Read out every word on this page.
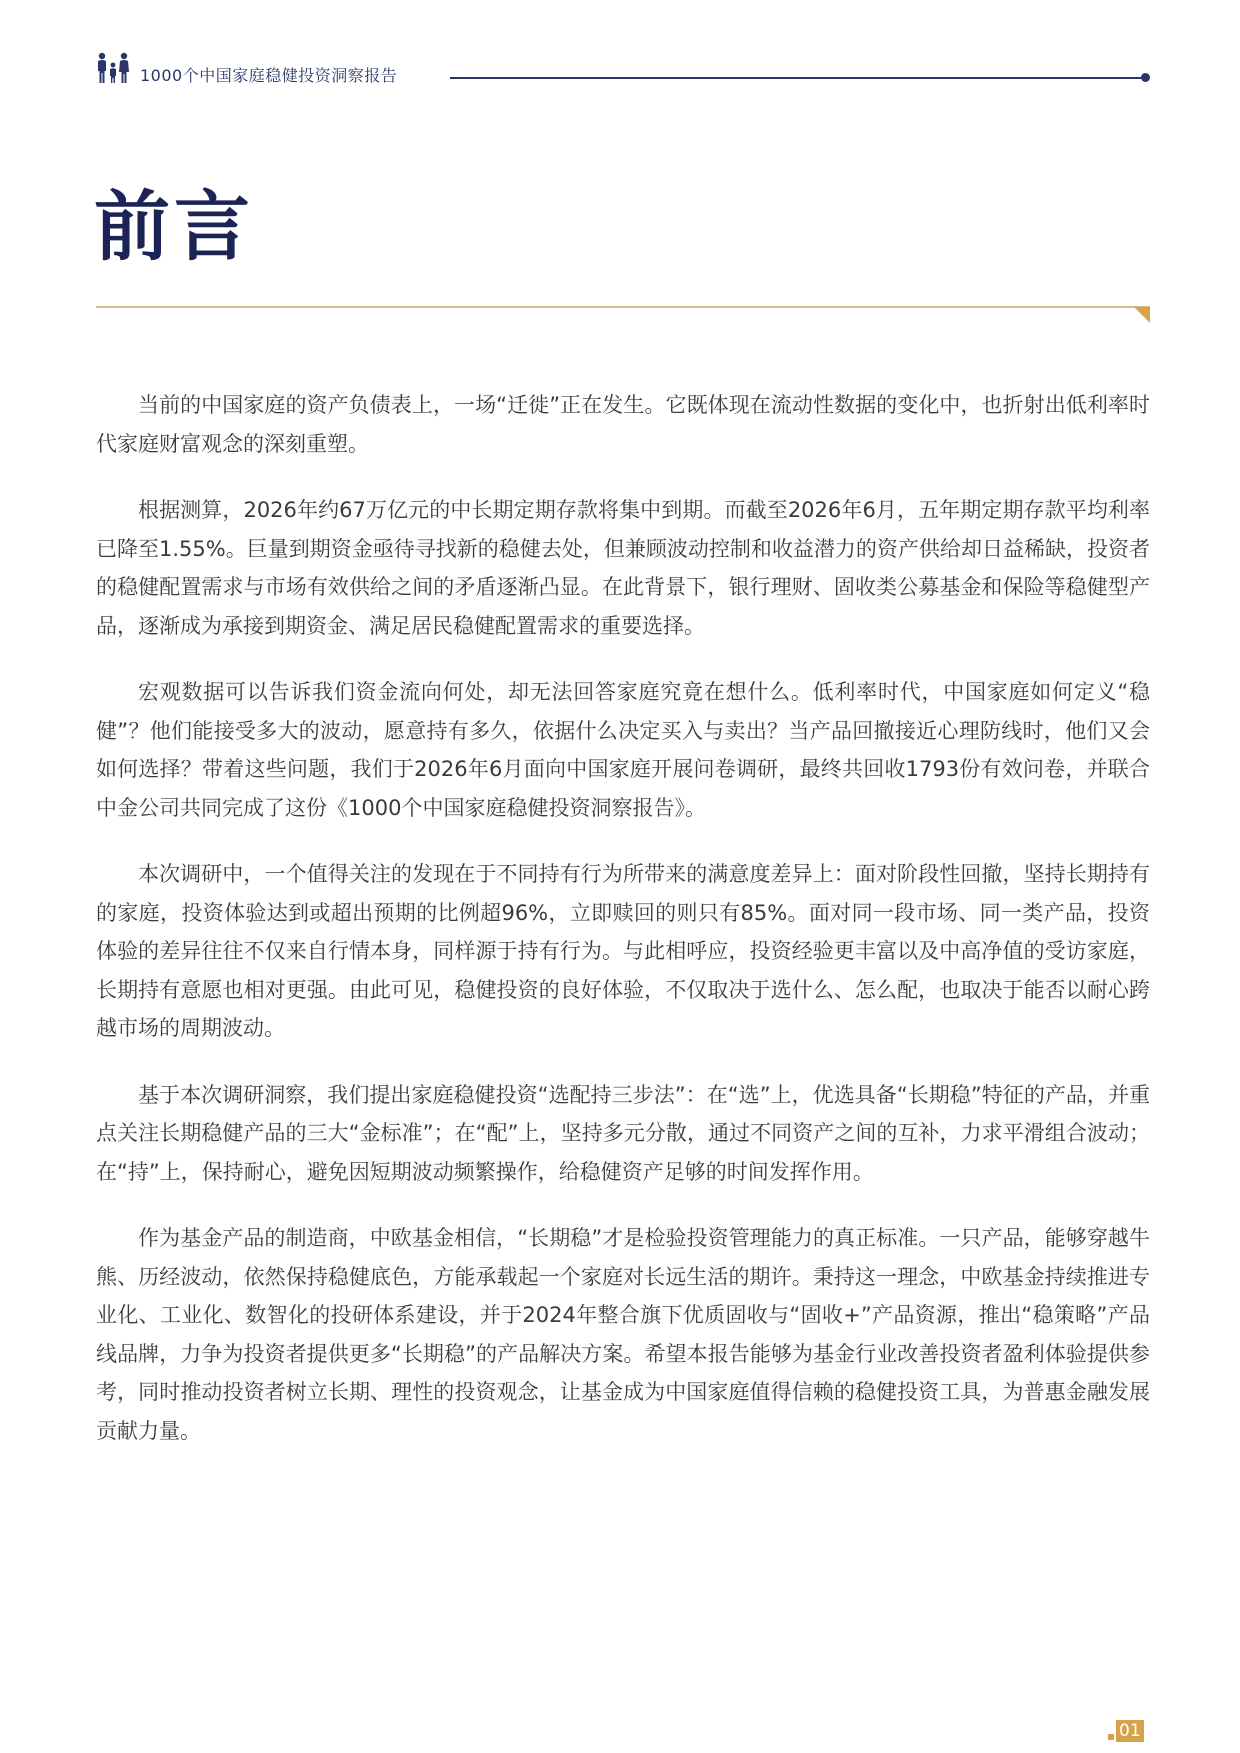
1000个中国家庭稳健投资洞察报告
前言

当前的中国家庭的资产负债表上，一场“迁徙”正在发生。它既体现在流动性数据的变化中，也折射出低利率时代家庭财富观念的深刻重塑。

根据测算，2026年约67万亿元的中长期定期存款将集中到期。而截至2026年6月，五年期定期存款平均利率已降至1.55%。巨量到期资金亟待寻找新的稳健去处，但兼顾波动控制和收益潜力的资产供给却日益稀缺，投资者的稳健配置需求与市场有效供给之间的矛盾逐渐凸显。在此背景下，银行理财、固收类公募基金和保险等稳健型产品，逐渐成为承接到期资金、满足居民稳健配置需求的重要选择。

宏观数据可以告诉我们资金流向何处，却无法回答家庭究竟在想什么。低利率时代，中国家庭如何定义“稳健”？他们能接受多大的波动，愿意持有多久，依据什么决定买入与卖出？当产品回撤接近心理防线时，他们又会如何选择？带着这些问题，我们于2026年6月面向中国家庭开展问卷调研，最终共回收1793份有效问卷，并联合中金公司共同完成了这份《1000个中国家庭稳健投资洞察报告》。

本次调研中，一个值得关注的发现在于不同持有行为所带来的满意度差异上：面对阶段性回撤，坚持长期持有的家庭，投资体验达到或超出预期的比例超96%，立即赎回的则只有85%。面对同一段市场、同一类产品，投资体验的差异往往不仅来自行情本身，同样源于持有行为。与此相呼应，投资经验更丰富以及中高净值的受访家庭，长期持有意愿也相对更强。由此可见，稳健投资的良好体验，不仅取决于选什么、怎么配，也取决于能否以耐心跨越市场的周期波动。

基于本次调研洞察，我们提出家庭稳健投资“选配持三步法”：在“选”上，优选具备“长期稳”特征的产品，并重点关注长期稳健产品的三大“金标准”；在“配”上，坚持多元分散，通过不同资产之间的互补，力求平滑组合波动；在“持”上，保持耐心，避免因短期波动频繁操作，给稳健资产足够的时间发挥作用。

作为基金产品的制造商，中欧基金相信，“长期稳”才是检验投资管理能力的真正标准。一只产品，能够穿越牛熊、历经波动，依然保持稳健底色，方能承载起一个家庭对长远生活的期许。秉持这一理念，中欧基金持续推进专业化、工业化、数智化的投研体系建设，并于2024年整合旗下优质固收与“固收+”产品资源，推出“稳策略”产品线品牌，力争为投资者提供更多“长期稳”的产品解决方案。希望本报告能够为基金行业改善投资者盈利体验提供参考，同时推动投资者树立长期、理性的投资观念，让基金成为中国家庭值得信赖的稳健投资工具，为普惠金融发展贡献力量。

01
